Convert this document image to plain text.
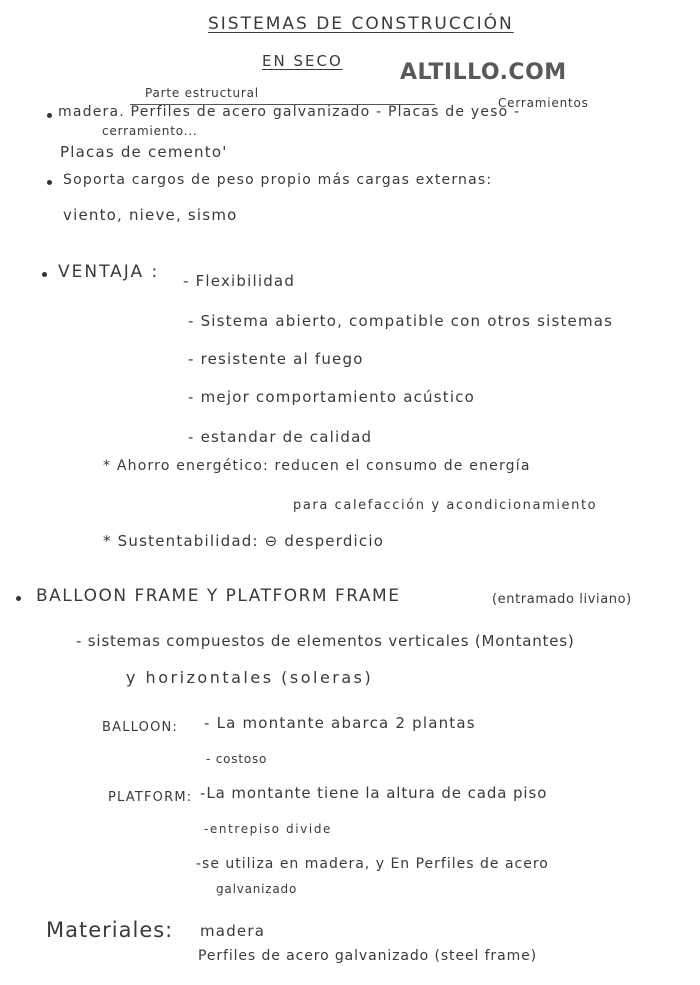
SISTEMAS DE CONSTRUCCIÓN
EN SECO	ALTILLO.COM
Parte estructural
Cerramientos
madera. Perfiles de acero galvanizado - Placas de yeso -
cerramiento...
Placas de cemento'
Soporta cargos de peso propio más cargas externas:
viento, nieve, sismo
VENTAJA : - Flexibilidad
- Sistema abierto, compatible con otros sistemas
- resistente al fuego
- mejor comportamiento acústico
- estandar de calidad
* Ahorro energético: reducen el consumo de energía
para calefacción y acondicionamiento
* Sustentabilidad: ⊖ desperdicio
BALLOON FRAME Y PLATFORM FRAME	(entramado liviano)
- sistemas compuestos de elementos verticales (Montantes)
y horizontales (soleras)
BALLOON: - La montante abarca 2 plantas
- costoso
PLATFORM: -La montante tiene la altura de cada piso
-entrepiso divide
-se utiliza en madera, y En Perfiles de acero
galvanizado
Materiales: madera
Perfiles de acero galvanizado (steel frame)
